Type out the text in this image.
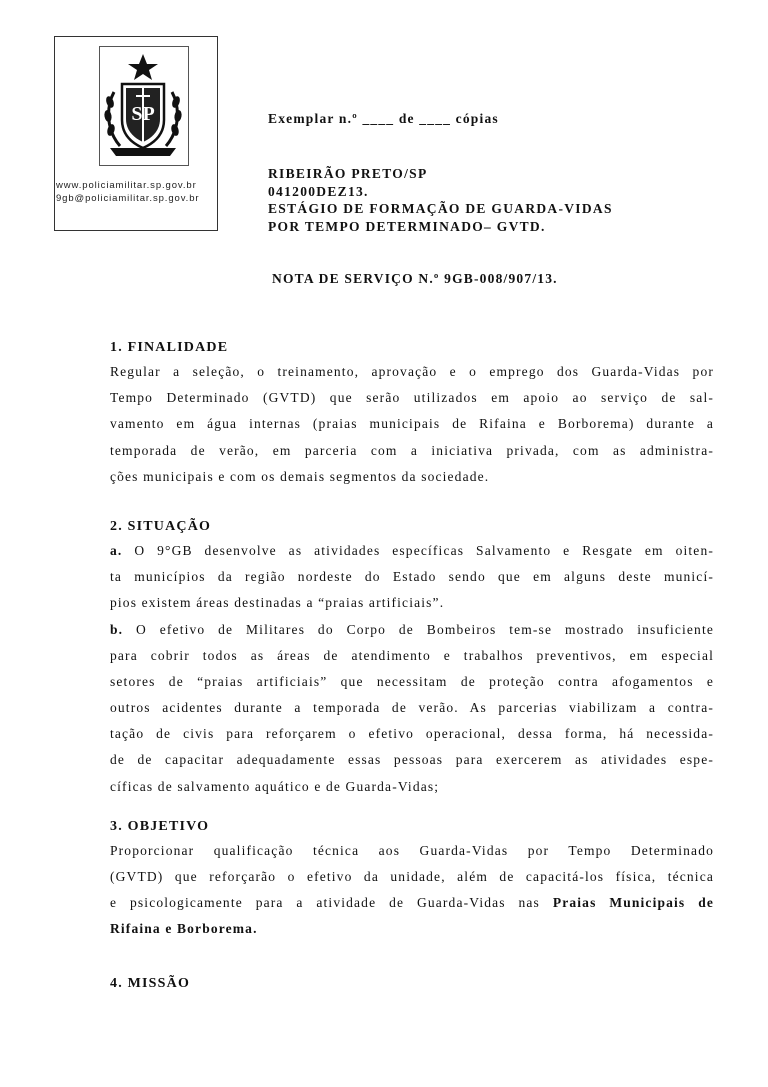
SP
www.policiamilitar.sp.gov.br
9gb@policiamilitar.sp.gov.br
Exemplar n.º ____ de ____ cópias
RIBEIRÃO PRETO/SP
041200DEZ13.
ESTÁGIO DE FORMAÇÃO DE GUARDA-VIDAS
POR TEMPO DETERMINADO– GVTD.
NOTA DE SERVIÇO N.º 9GB-008/907/13.
1. FINALIDADE
Regular a seleção, o treinamento, aprovação e o emprego dos Guarda-Vidas por
Tempo Determinado (GVTD) que serão utilizados em apoio ao serviço de sal-
vamento em água internas (praias municipais de Rifaina e Borborema) durante a
temporada de verão, em parceria com a iniciativa privada, com as administra-
ções municipais e com os demais segmentos da sociedade.
2. SITUAÇÃO
a. O 9°GB desenvolve as atividades específicas Salvamento e Resgate em oiten-
ta municípios da região nordeste do Estado sendo que em alguns deste municí-
pios existem áreas destinadas a “praias artificiais”.
b. O efetivo de Militares do Corpo de Bombeiros tem-se mostrado insuficiente
para cobrir todos as áreas de atendimento e trabalhos preventivos, em especial
setores de “praias artificiais” que necessitam de proteção contra afogamentos e
outros acidentes durante a temporada de verão. As parcerias viabilizam a contra-
tação de civis para reforçarem o efetivo operacional, dessa forma, há necessida-
de de capacitar adequadamente essas pessoas para exercerem as atividades espe-
cíficas de salvamento aquático e de Guarda-Vidas;
3. OBJETIVO
Proporcionar qualificação técnica aos Guarda-Vidas por Tempo Determinado
(GVTD) que reforçarão o efetivo da unidade, além de capacitá-los física, técnica
e psicologicamente para a atividade de Guarda-Vidas nas Praias Municipais de
Rifaina e Borborema.
4. MISSÃO
